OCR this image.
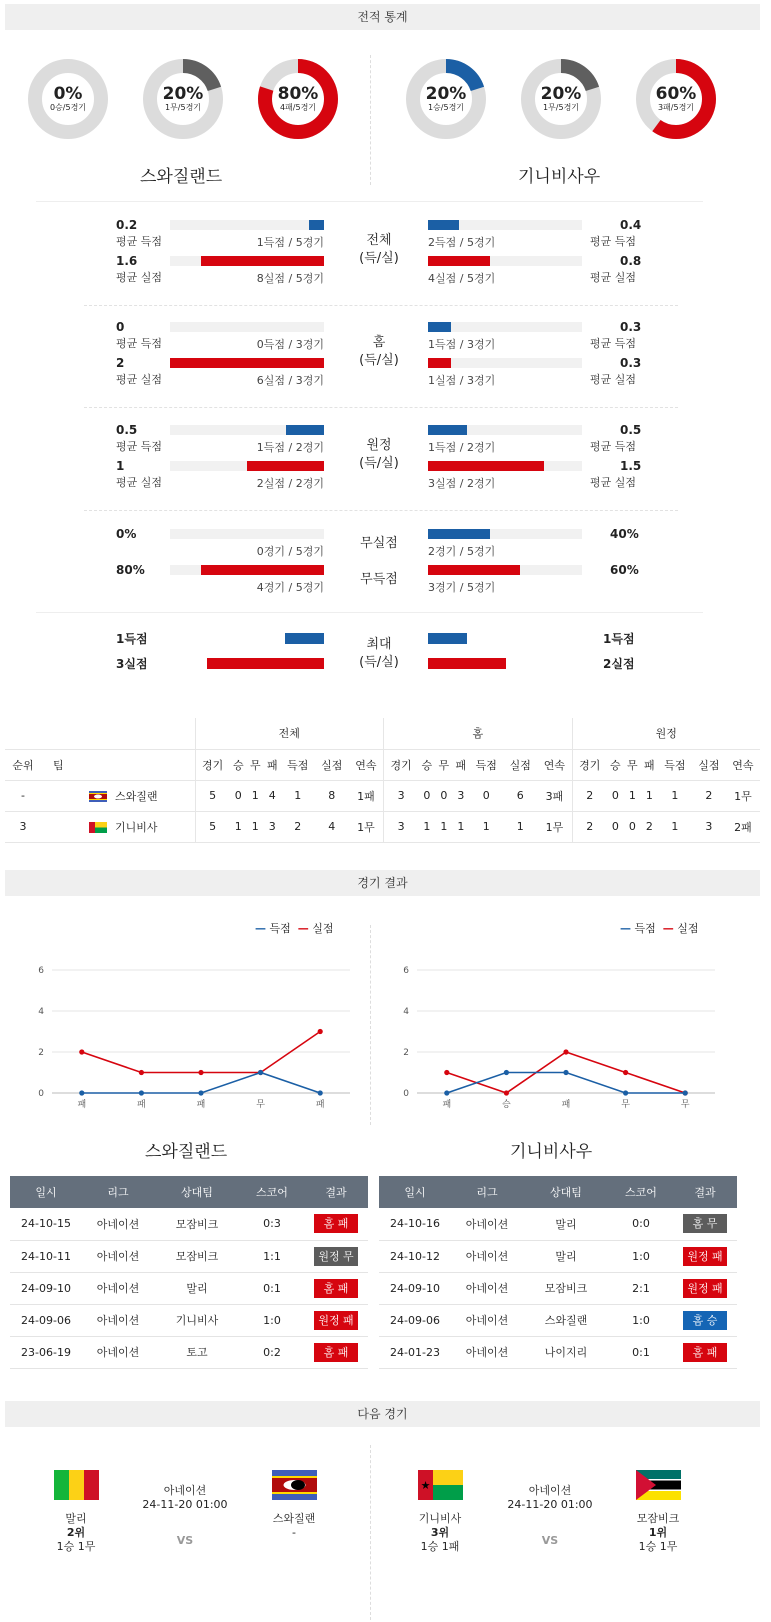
전적 통계
0%
0승/5경기
20%
1무/5경기
80%
4패/5경기
20%
1승/5경기
20%
1무/5경기
60%
3패/5경기
스와질랜드	기니비사우
0.2
평균 득점
0.4
평균 득점
1득점 / 5경기	2득점 / 5경기
1.6
평균 실점
0.8
평균 실점
8실점 / 5경기	4실점 / 5경기
전체
(득/실)
0
평균 득점
0.3
평균 득점
0득점 / 3경기	1득점 / 3경기
2
평균 실점
0.3
평균 실점
6실점 / 3경기	1실점 / 3경기
홈
(득/실)
0.5
평균 득점
0.5
평균 득점
1득점 / 2경기	1득점 / 2경기
1
평균 실점
1.5
평균 실점
2실점 / 2경기	3실점 / 2경기
원정
(득/실)
0%	40%
0경기 / 5경기	2경기 / 5경기
무실점
80%	60%
4경기 / 5경기	3경기 / 5경기
무득점
1득점
3실점
1득점
2실점
최대
(득/실)
		전체							홈							원정						
순위	팀	경기	승	무	패	득점	실점	연속	경기	승	무	패	득점	실점	연속	경기	승	무	패	득점	실점	연속
-	스와질랜	5	0	1	4	1	8	1패	3	0	0	3	0	6	3패	2	0	1	1	1	2	1무
3	기니비사	5	1	1	3	2	4	1무	3	1	1	1	1	1	1무	2	0	0	2	1	3	2패
경기 결과
— 득점 — 실점	— 득점 — 실점
0
2
4
6
패	패	패	무	패
0
2
4
6
패	승	패	무	무
스와질랜드	기니비사우
일시	리그	상대팀	스코어	결과
24-10-15	아네이션	모잠비크	0:3	홈 패
24-10-11	아네이션	모잠비크	1:1	원정 무
24-09-10	아네이션	말리	0:1	홈 패
24-09-06	아네이션	기니비사	1:0	원정 패
23-06-19	아네이션	토고	0:2	홈 패
일시	리그	상대팀	스코어	결과
24-10-16	아네이션	말리	0:0	홈 무
24-10-12	아네이션	말리	1:0	원정 패
24-09-10	아네이션	모잠비크	2:1	원정 패
24-09-06	아네이션	스와질랜	1:0	홈 승
24-01-23	아네이션	나이지리	0:1	홈 패
다음 경기
말리
2위
1승 1무
아네이션
24-11-20 01:00
VS
스와질랜
-
★
기니비사
3위
1승 1패
아네이션
24-11-20 01:00
VS
모잠비크
1위
1승 1무
